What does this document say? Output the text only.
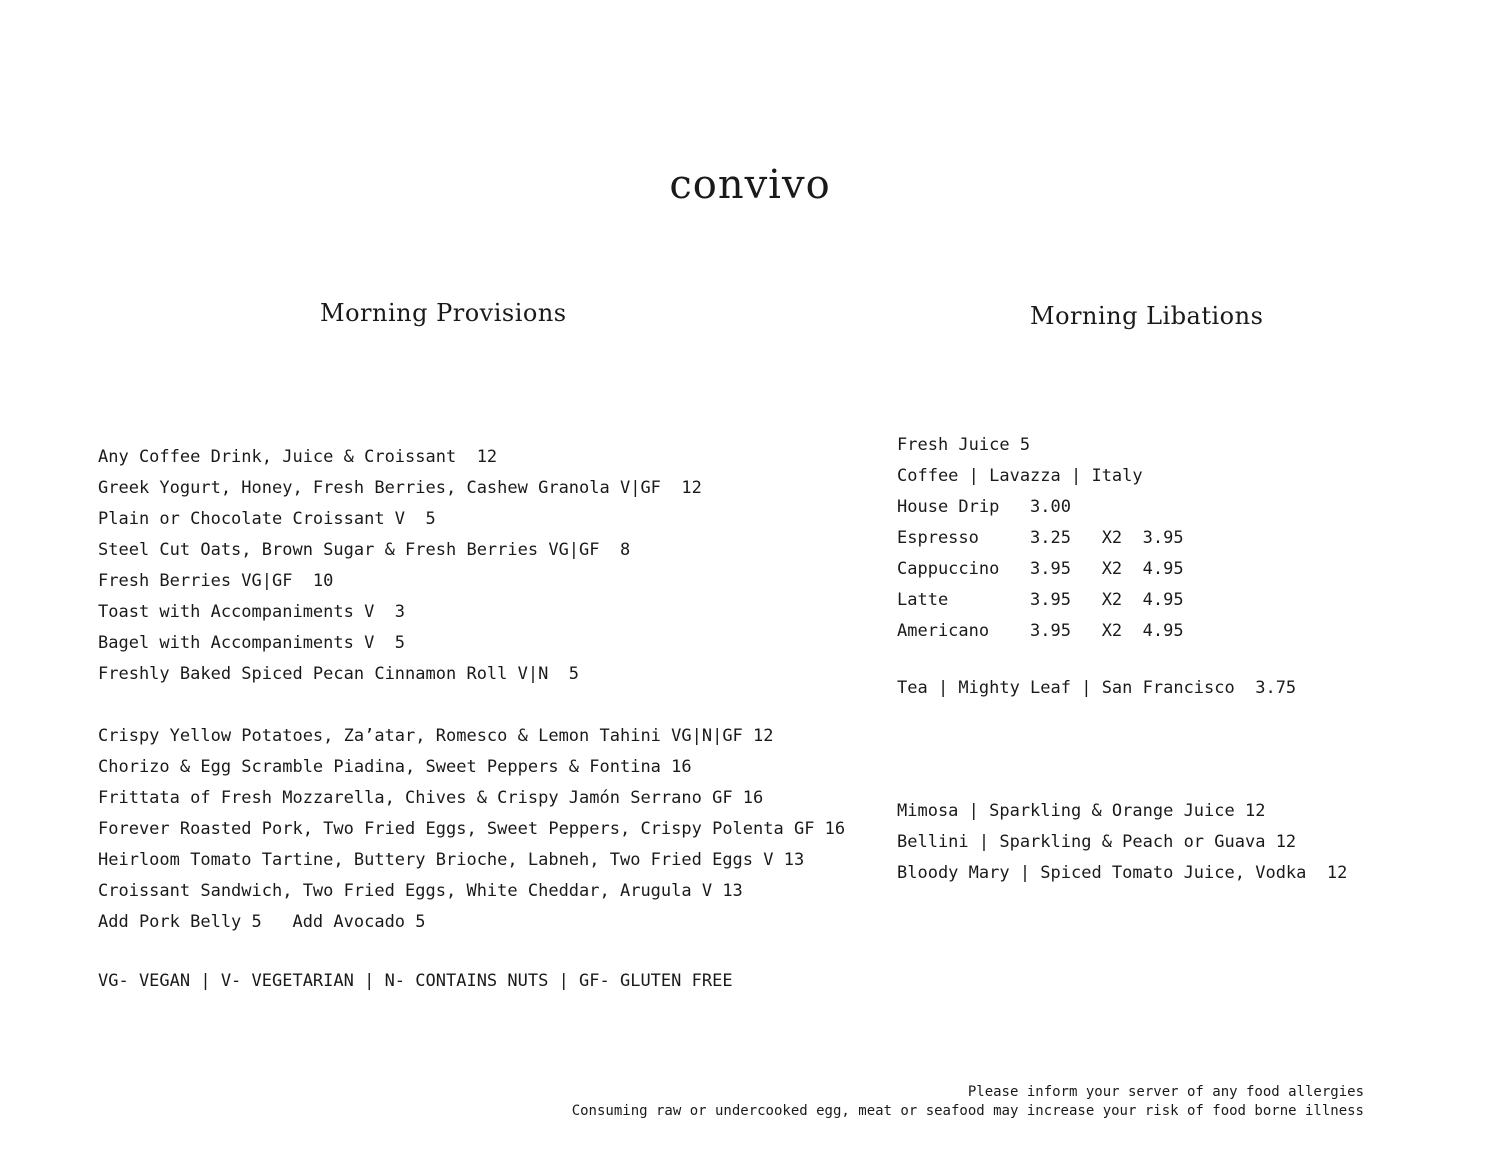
convivo
Morning Provisions	Morning Libations
Any Coffee Drink, Juice & Croissant  12
Greek Yogurt, Honey, Fresh Berries, Cashew Granola V|GF  12
Plain or Chocolate Croissant V  5
Steel Cut Oats, Brown Sugar & Fresh Berries VG|GF  8
Fresh Berries VG|GF  10
Toast with Accompaniments V  3
Bagel with Accompaniments V  5
Freshly Baked Spiced Pecan Cinnamon Roll V|N  5
Crispy Yellow Potatoes, Za’atar, Romesco & Lemon Tahini VG|N|GF 12
Chorizo & Egg Scramble Piadina, Sweet Peppers & Fontina 16
Frittata of Fresh Mozzarella, Chives & Crispy Jamón Serrano GF 16
Forever Roasted Pork, Two Fried Eggs, Sweet Peppers, Crispy Polenta GF 16
Heirloom Tomato Tartine, Buttery Brioche, Labneh, Two Fried Eggs V 13
Croissant Sandwich, Two Fried Eggs, White Cheddar, Arugula V 13
Add Pork Belly 5   Add Avocado 5
VG- VEGAN | V- VEGETARIAN | N- CONTAINS NUTS | GF- GLUTEN FREE
Fresh Juice 5
Coffee | Lavazza | Italy
House Drip   3.00
Espresso     3.25   X2  3.95
Cappuccino   3.95   X2  4.95
Latte        3.95   X2  4.95
Americano    3.95   X2  4.95
Tea | Mighty Leaf | San Francisco  3.75
Mimosa | Sparkling & Orange Juice 12
Bellini | Sparkling & Peach or Guava 12
Bloody Mary | Spiced Tomato Juice, Vodka  12
Please inform your server of any food allergies
Consuming raw or undercooked egg, meat or seafood may increase your risk of food borne illness
